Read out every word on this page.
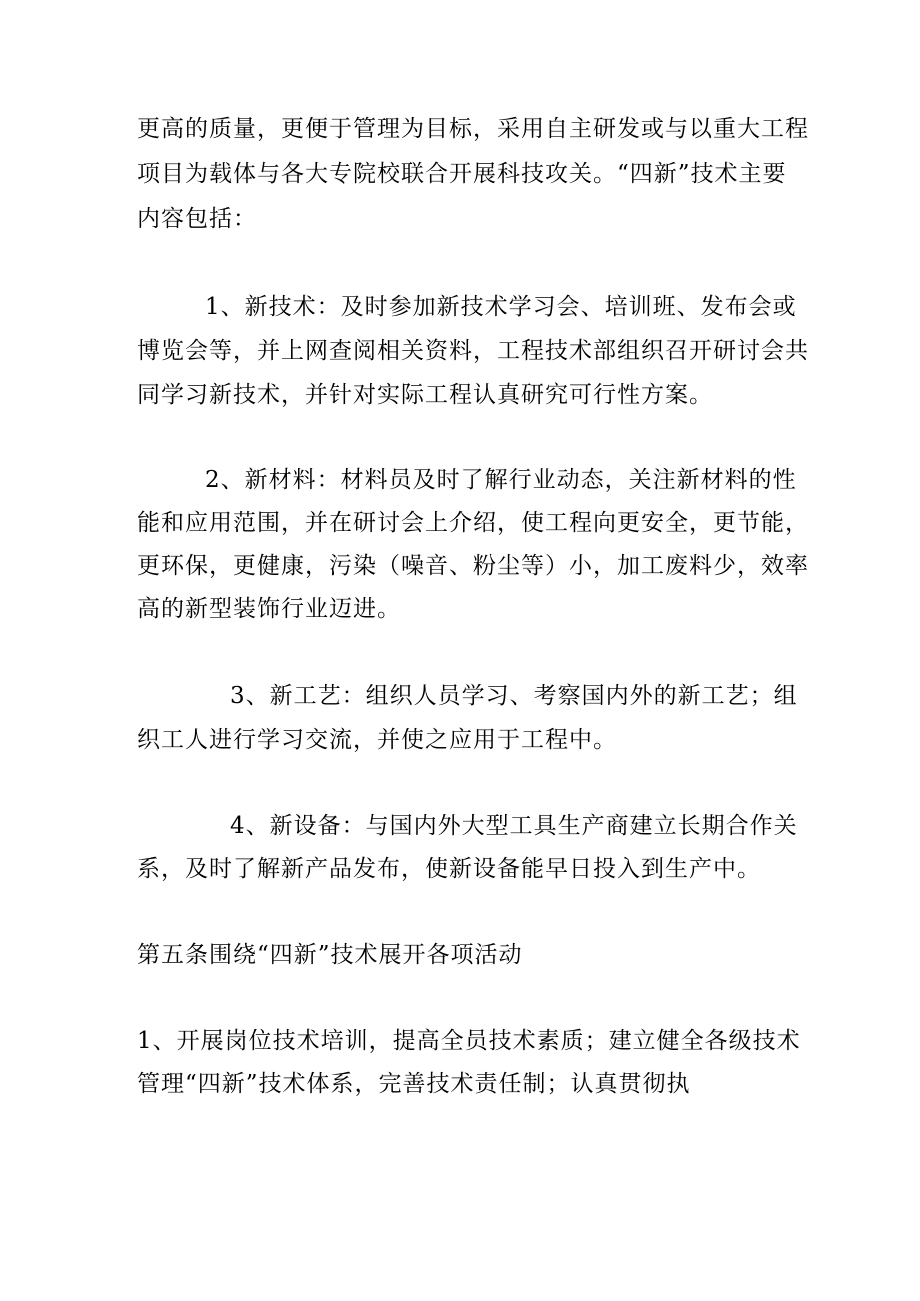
更高的质量，更便于管理为目标，采用自主研发或与以重大工程
项目为载体与各大专院校联合开展科技攻关。“四新”技术主要
内容包括：
1、新技术：及时参加新技术学习会、培训班、发布会或
博览会等，并上网查阅相关资料，工程技术部组织召开研讨会共
同学习新技术，并针对实际工程认真研究可行性方案。
2、新材料：材料员及时了解行业动态，关注新材料的性
能和应用范围，并在研讨会上介绍，使工程向更安全，更节能，
更环保，更健康，污染（噪音、粉尘等）小，加工废料少，效率
高的新型装饰行业迈进。
3、新工艺：组织人员学习、考察国内外的新工艺；组
织工人进行学习交流，并使之应用于工程中。
4、新设备：与国内外大型工具生产商建立长期合作关
系，及时了解新产品发布，使新设备能早日投入到生产中。
第五条围绕“四新”技术展开各项活动
1、开展岗位技术培训，提高全员技术素质；建立健全各级技术
管理“四新”技术体系，完善技术责任制；认真贯彻执
